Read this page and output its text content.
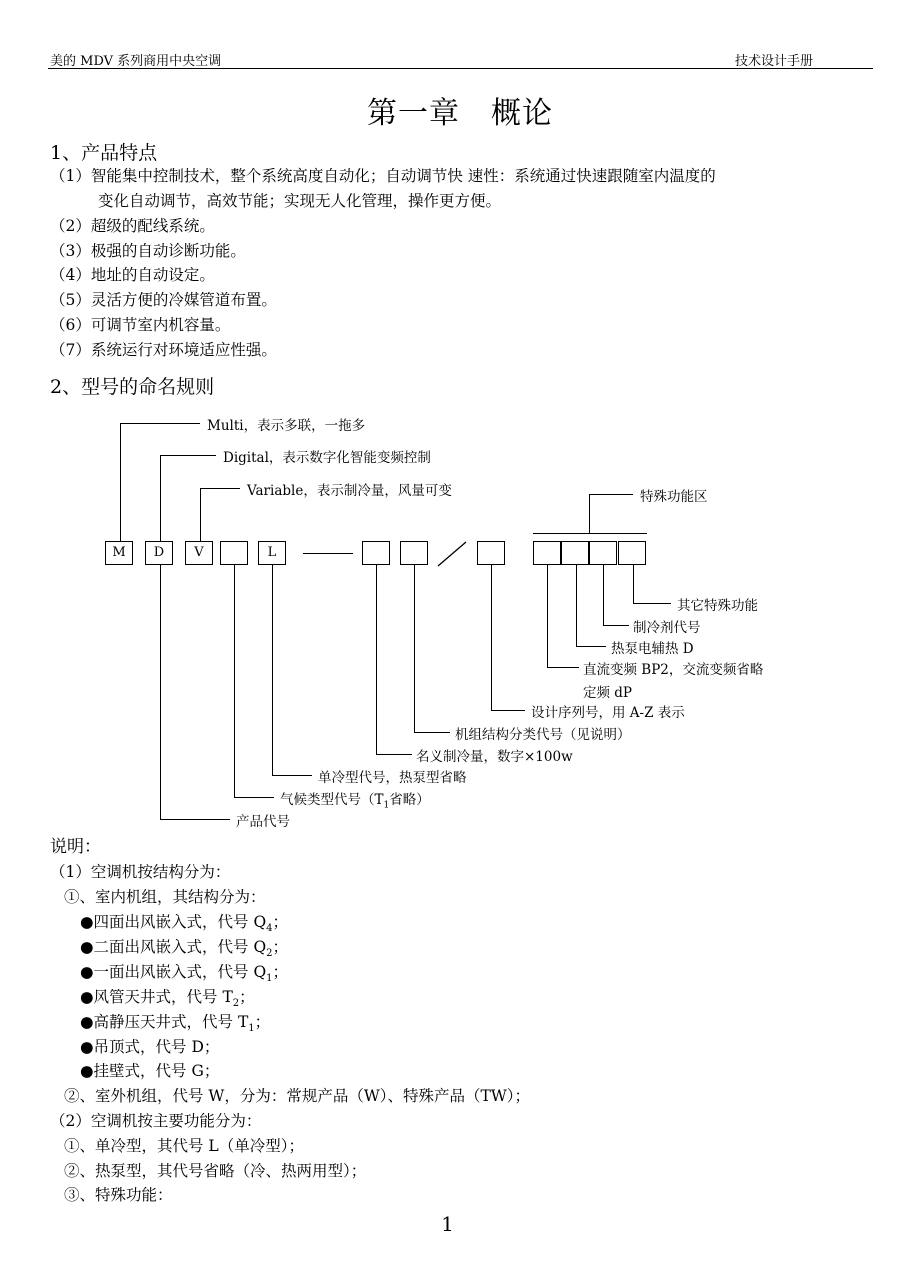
美的 MDV 系列商用中央空调	技术设计手册
第一章　概论
1、产品特点
（1）智能集中控制技术，整个系统高度自动化；自动调节快 速性：系统通过快速跟随室内温度的
变化自动调节，高效节能；实现无人化管理，操作更方便。
（2）超级的配线系统。
（3）极强的自动诊断功能。
（4）地址的自动设定。
（5）灵活方便的冷媒管道布置。
（6）可调节室内机容量。
（7）系统运行对环境适应性强。
2、型号的命名规则
M	D	V	L
Multi，表示多联，一拖多
Digital，表示数字化智能变频控制
Variable，表示制冷量，风量可变	特殊功能区
其它特殊功能
制冷剂代号
热泵电辅热 D
直流变频 BP2，交流变频省略
定频 dP
设计序列号，用 A-Z 表示
机组结构分类代号（见说明）
名义制冷量，数字×100w
单冷型代号，热泵型省略
气候类型代号（$T_1$省略）
产品代号
说明：
（1）空调机按结构分为：
①、室内机组，其结构分为：
●四面出风嵌入式，代号 $Q_4$；
●二面出风嵌入式，代号 $Q_2$；
●一面出风嵌入式，代号 $Q_1$；
●风管天井式，代号 $T_2$；
●高静压天井式，代号 $T_1$；
●吊顶式，代号 D；
●挂壁式，代号 G；
②、室外机组，代号 W，分为：常规产品（W）、特殊产品（TW）；
（2）空调机按主要功能分为：
①、单冷型，其代号 L（单冷型）；
②、热泵型，其代号省略（冷、热两用型）；
③、特殊功能：
1
